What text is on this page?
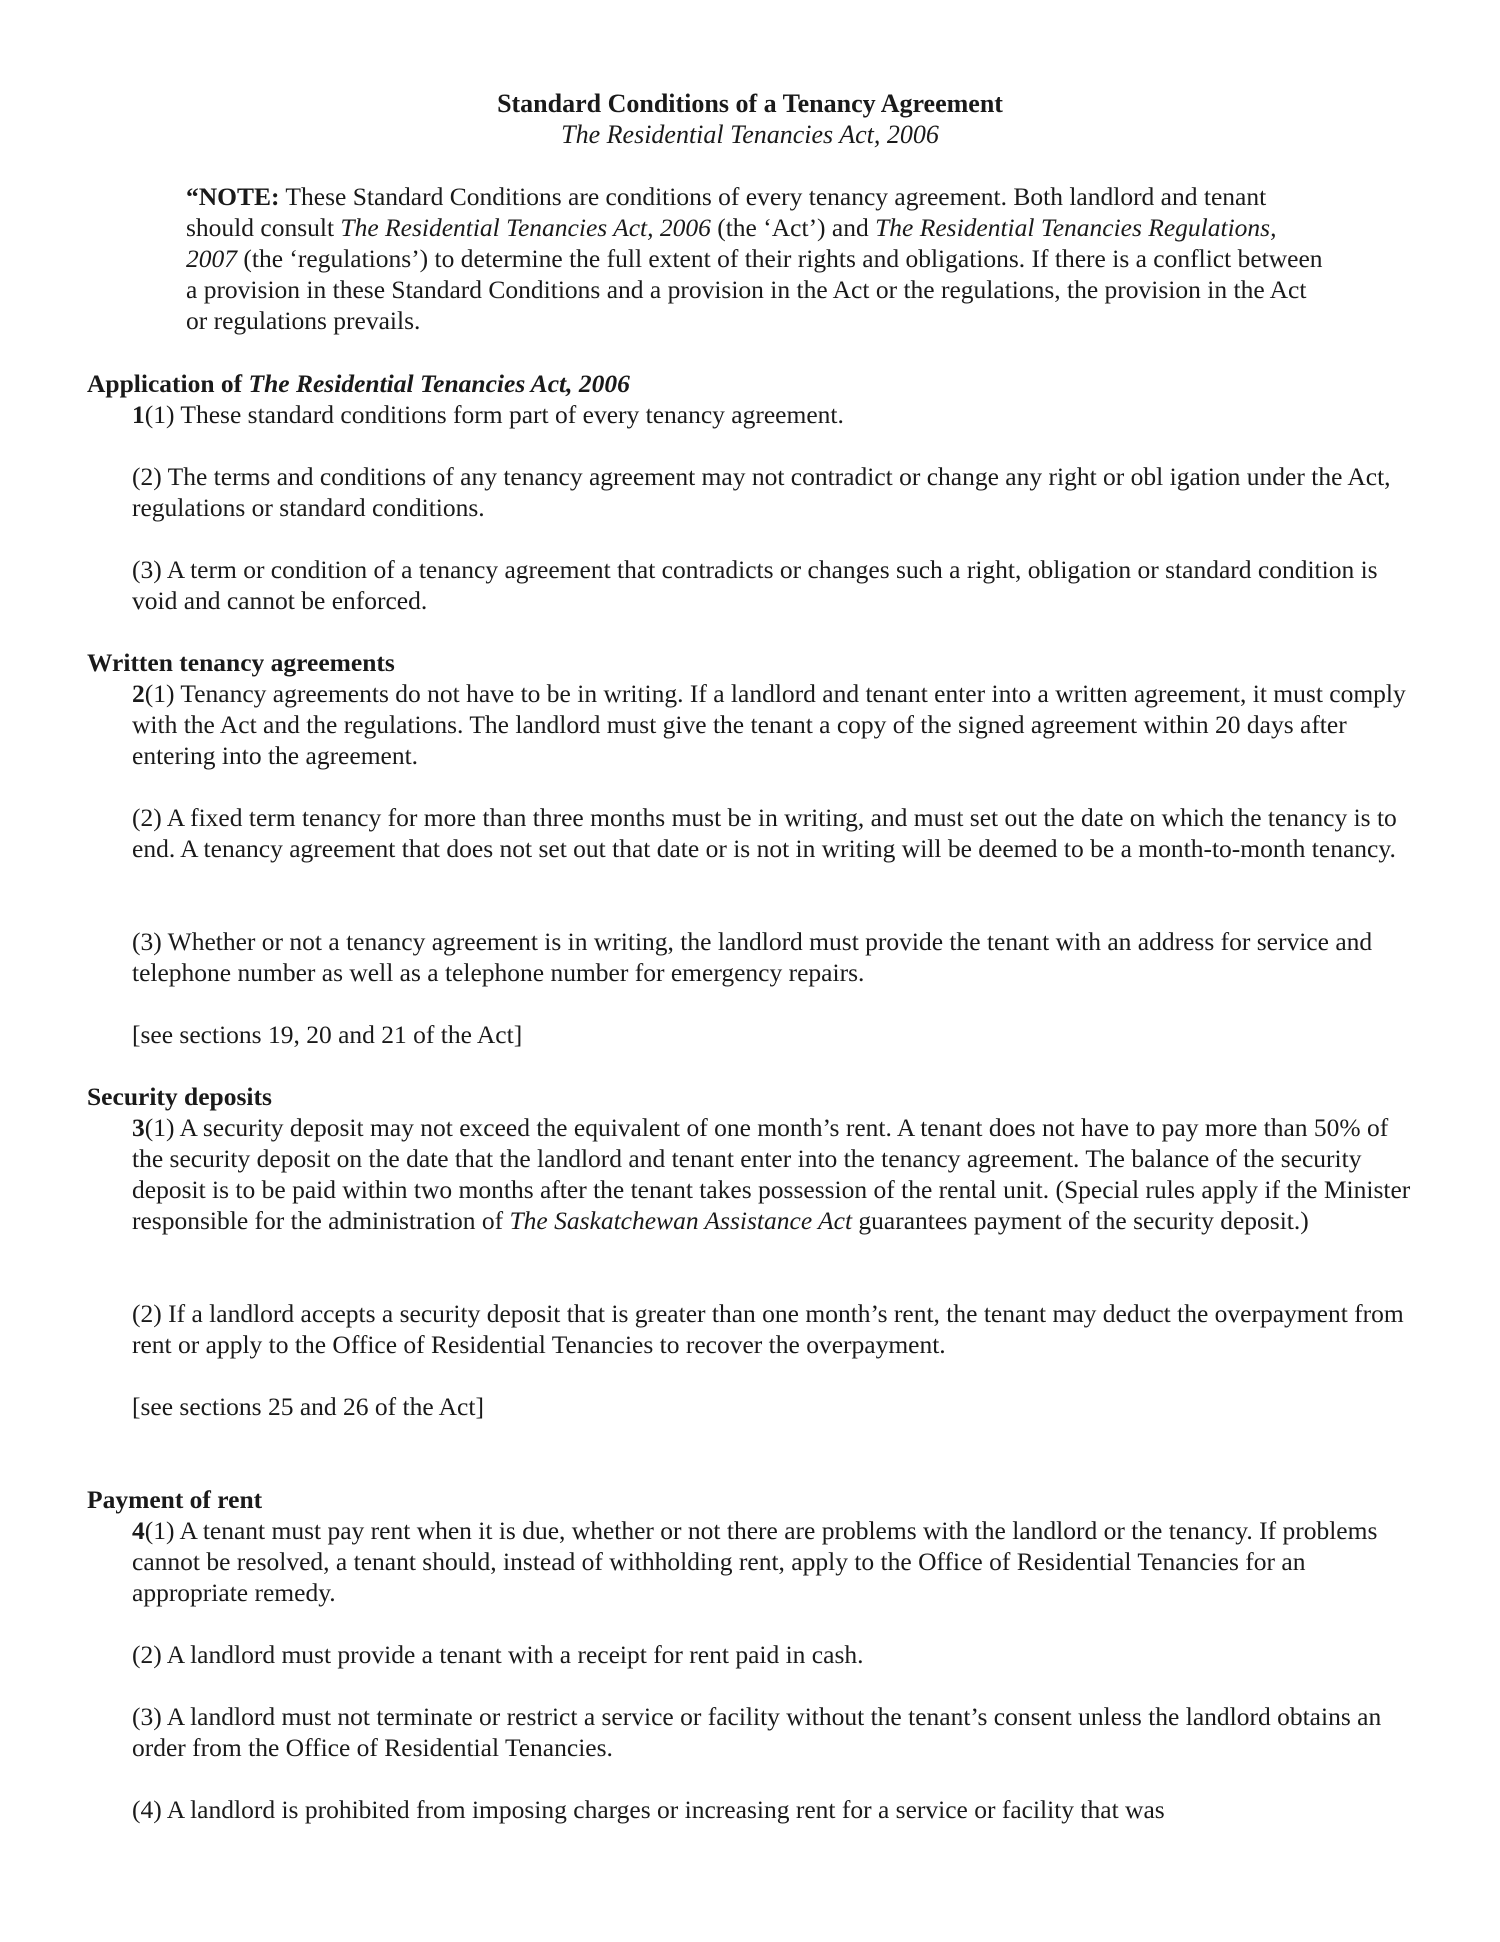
Standard Conditions of a Tenancy Agreement
The Residential Tenancies Act, 2006
“NOTE: These Standard Conditions are conditions of every tenancy agreement. Both landlord and tenant should consult The Residential Tenancies Act, 2006 (the ‘Act’) and The Residential Tenancies Regulations, 2007 (the ‘regulations’) to determine the full extent of their rights and obligations. If there is a conflict between a provision in these Standard Conditions and a provision in the Act or the regulations, the provision in the Act or regulations prevails.
Application of The Residential Tenancies Act, 2006
1(1) These standard conditions form part of every tenancy agreement.
(2) The terms and conditions of any tenancy agreement may not contradict or change any right or obl igation under the Act, regulations or standard conditions.
(3) A term or condition of a tenancy agreement that contradicts or changes such a right, obligation or standard condition is void and cannot be enforced.
Written tenancy agreements
2(1) Tenancy agreements do not have to be in writing. If a landlord and tenant enter into a written agreement, it must comply with the Act and the regulations. The landlord must give the tenant a copy of the signed agreement within 20 days after entering into the agreement.
(2) A fixed term tenancy for more than three months must be in writing, and must set out the date on which the tenancy is to end. A tenancy agreement that does not set out that date or is not in writing will be deemed to be a month-to-month tenancy.
(3) Whether or not a tenancy agreement is in writing, the landlord must provide the tenant with an address for service and telephone number as well as a telephone number for emergency repairs.
[see sections 19, 20 and 21 of the Act]
Security deposits
3(1) A security deposit may not exceed the equivalent of one month’s rent. A tenant does not have to pay more than 50% of the security deposit on the date that the landlord and tenant enter into the tenancy agreement. The balance of the security deposit is to be paid within two months after the tenant takes possession of the rental unit. (Special rules apply if the Minister responsible for the administration of The Saskatchewan Assistance Act guarantees payment of the security deposit.)
(2) If a landlord accepts a security deposit that is greater than one month’s rent, the tenant may deduct the overpayment from rent or apply to the Office of Residential Tenancies to recover the overpayment.
[see sections 25 and 26 of the Act]
Payment of rent
4(1) A tenant must pay rent when it is due, whether or not there are problems with the landlord or the tenancy. If problems cannot be resolved, a tenant should, instead of withholding rent, apply to the Office of Residential Tenancies for an appropriate remedy.
(2) A landlord must provide a tenant with a receipt for rent paid in cash.
(3) A landlord must not terminate or restrict a service or facility without the tenant’s consent unless the landlord obtains an order from the Office of Residential Tenancies.
(4) A landlord is prohibited from imposing charges or increasing rent for a service or facility that was
